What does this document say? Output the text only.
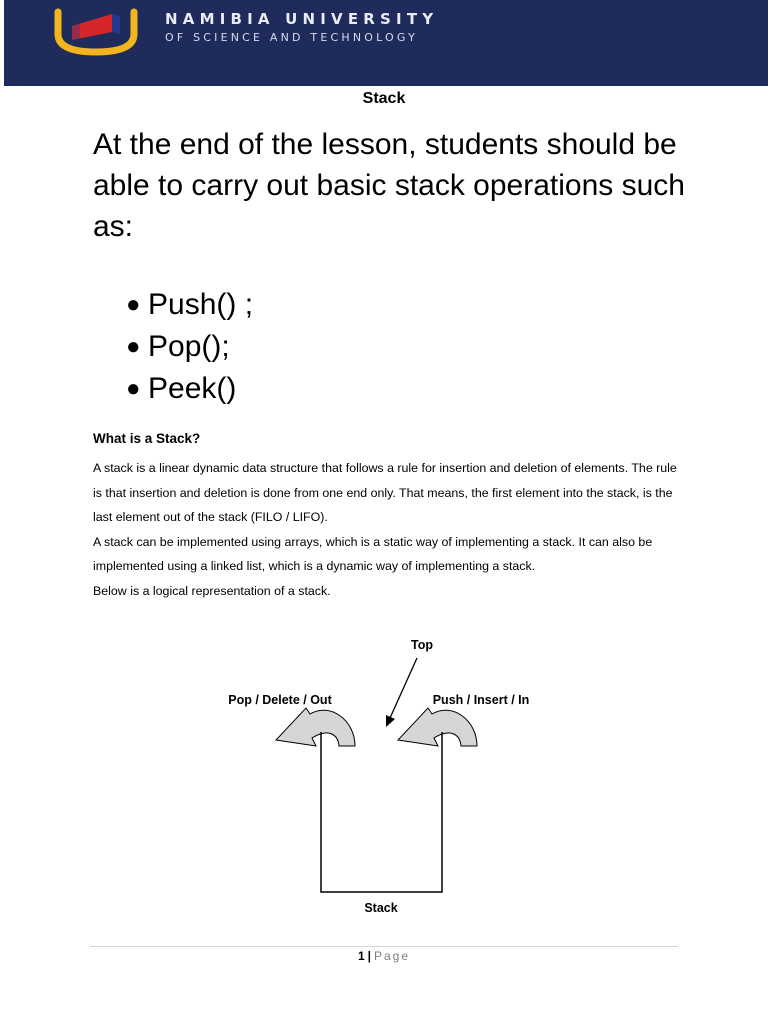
NAMIBIA UNIVERSITY
OF SCIENCE AND TECHNOLOGY
Stack
At the end of the lesson, students should be able to carry out basic stack operations such as:
● Push() ;
● Pop();
● Peek()
What is a Stack?

A stack is a linear dynamic data structure that follows a rule for insertion and deletion of elements. The rule is that insertion and deletion is done from one end only. That means, the first element into the stack, is the last element out of the stack (FILO / LIFO).

A stack can be implemented using arrays, which is a static way of implementing a stack. It can also be implemented using a linked list, which is a dynamic way of implementing a stack.

Below is a logical representation of a stack.

Top
Pop / Delete / Out	Push / Insert / In
Stack
1 | Page
